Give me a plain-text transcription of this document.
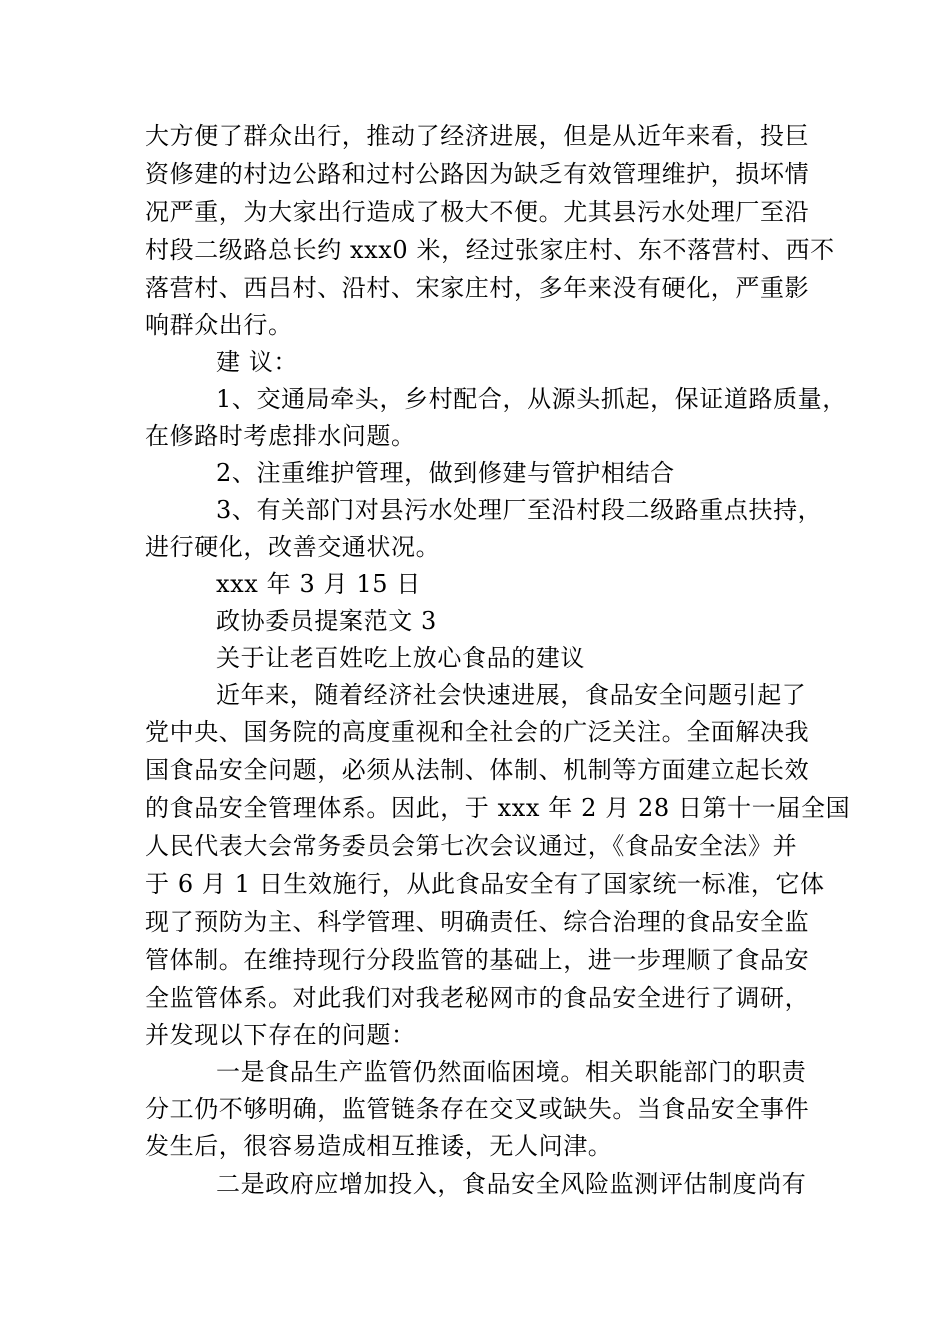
大方便了群众出行，推动了经济进展，但是从近年来看，投巨
资修建的村边公路和过村公路因为缺乏有效管理维护，损坏情
况严重，为大家出行造成了极大不便。尤其县污水处理厂至沿
村段二级路总长约 xxx0 米，经过张家庄村、东不落营村、西不
落营村、西吕村、沿村、宋家庄村，多年来没有硬化，严重影
响群众出行。
建 议：
1、交通局牵头，乡村配合，从源头抓起，保证道路质量，
在修路时考虑排水问题。
2、注重维护管理，做到修建与管护相结合
3、有关部门对县污水处理厂至沿村段二级路重点扶持，
进行硬化，改善交通状况。
xxx 年 3 月 15 日
政协委员提案范文 3
关于让老百姓吃上放心食品的建议
近年来，随着经济社会快速进展，食品安全问题引起了
党中央、国务院的高度重视和全社会的广泛关注。全面解决我
国食品安全问题，必须从法制、体制、机制等方面建立起长效
的食品安全管理体系。因此，于 xxx 年 2 月 28 日第十一届全国
人民代表大会常务委员会第七次会议通过，《食品安全法》并
于 6 月 1 日生效施行，从此食品安全有了国家统一标准，它体
现了预防为主、科学管理、明确责任、综合治理的食品安全监
管体制。在维持现行分段监管的基础上，进一步理顺了食品安
全监管体系。对此我们对我老秘网市的食品安全进行了调研，
并发现以下存在的问题：
一是食品生产监管仍然面临困境。相关职能部门的职责
分工仍不够明确，监管链条存在交叉或缺失。当食品安全事件
发生后，很容易造成相互推诿，无人问津。
二是政府应增加投入，食品安全风险监测评估制度尚有
